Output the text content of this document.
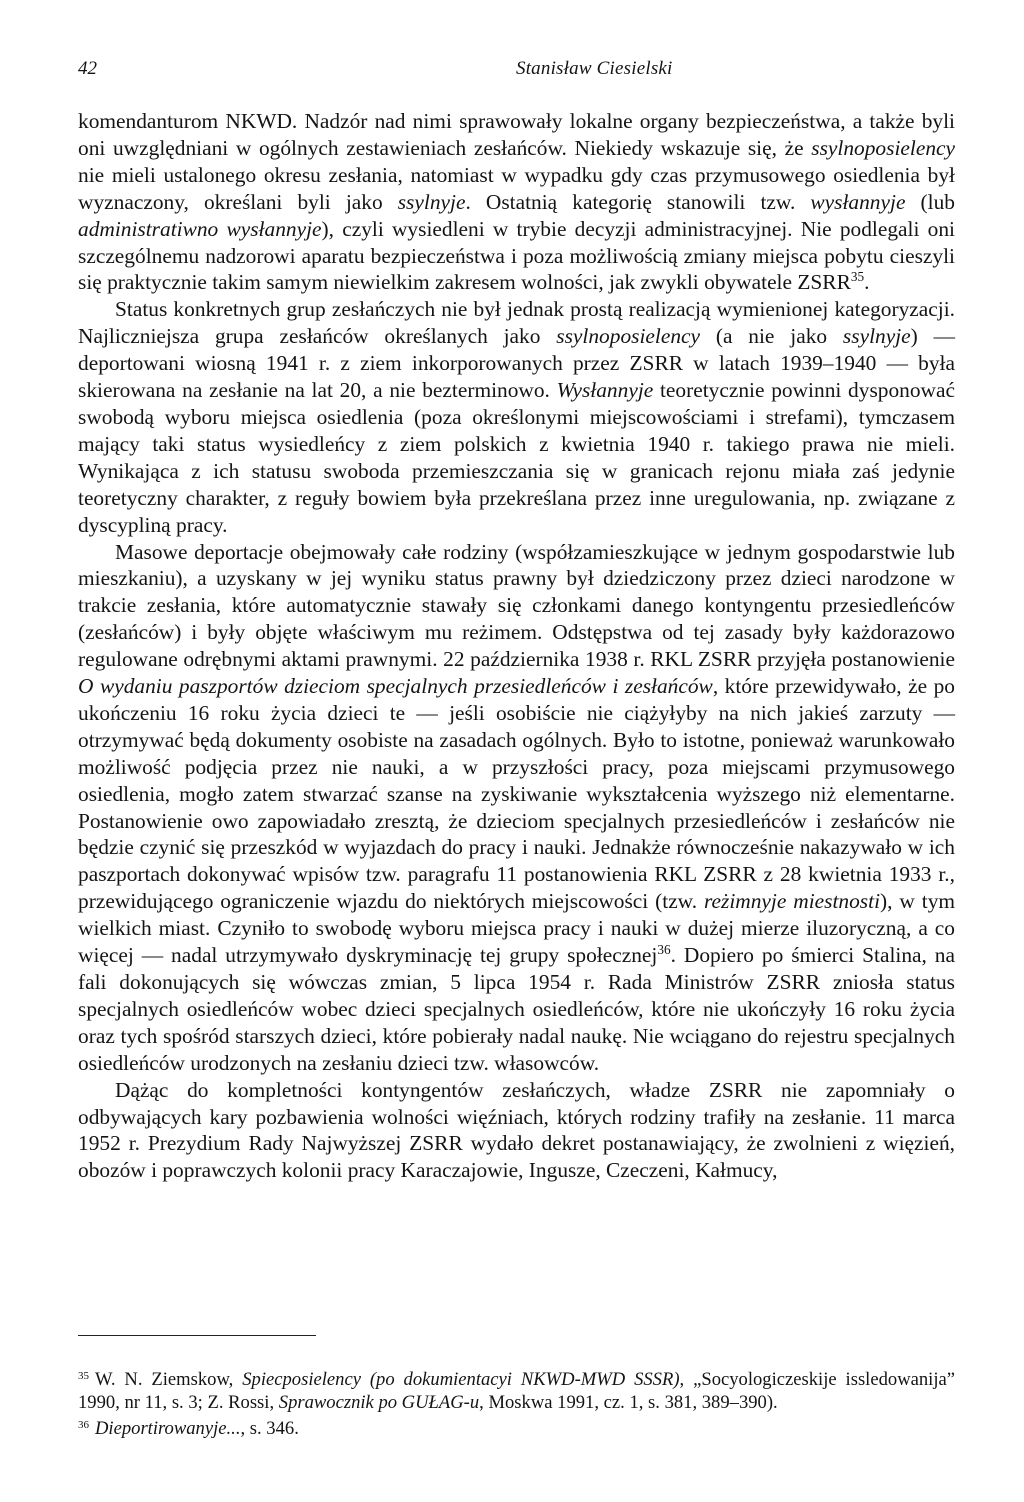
42	Stanisław Ciesielski

komendanturom NKWD. Nadzór nad nimi sprawowały lokalne organy bezpieczeństwa, a także byli oni uwzględniani w ogólnych zestawieniach zesłańców. Niekiedy wskazuje się, że ssylnoposielency nie mieli ustalonego okresu zesłania, natomiast w wypadku gdy czas przymusowego osiedlenia był wyznaczony, określani byli jako ssylnyje. Ostatnią kategorię stanowili tzw. wysłannyje (lub administratiwno wysłannyje), czyli wysiedleni w trybie decyzji administracyjnej. Nie podlegali oni szczególnemu nadzorowi aparatu bezpieczeństwa i poza możliwością zmiany miejsca pobytu cieszyli się praktycznie takim samym niewielkim zakresem wolności, jak zwykli obywatele ZSRR$^{35}$.

Status konkretnych grup zesłańczych nie był jednak prostą realizacją wymienionej kategoryzacji. Najliczniejsza grupa zesłańców określanych jako ssylnoposielency (a nie jako ssylnyje) — deportowani wiosną 1941 r. z ziem inkorporowanych przez ZSRR w latach 1939–1940 — była skierowana na zesłanie na lat 20, a nie bezterminowo. Wysłannyje teoretycznie powinni dysponować swobodą wyboru miejsca osiedlenia (poza określonymi miejscowościami i strefami), tymczasem mający taki status wysiedleńcy z ziem polskich z kwietnia 1940 r. takiego prawa nie mieli. Wynikająca z ich statusu swoboda przemieszczania się w granicach rejonu miała zaś jedynie teoretyczny charakter, z reguły bowiem była przekreślana przez inne uregulowania, np. związane z dyscypliną pracy.

Masowe deportacje obejmowały całe rodziny (współzamieszkujące w jednym gospodarstwie lub mieszkaniu), a uzyskany w jej wyniku status prawny był dziedziczony przez dzieci narodzone w trakcie zesłania, które automatycznie stawały się członkami danego kontyngentu przesiedleńców (zesłańców) i były objęte właściwym mu reżimem. Odstępstwa od tej zasady były każdorazowo regulowane odrębnymi aktami prawnymi. 22 października 1938 r. RKL ZSRR przyjęła postanowienie O wydaniu paszportów dzieciom specjalnych przesiedleńców i zesłańców, które przewidywało, że po ukończeniu 16 roku życia dzieci te — jeśli osobiście nie ciążyłyby na nich jakieś zarzuty — otrzymywać będą dokumenty osobiste na zasadach ogólnych. Było to istotne, ponieważ warunkowało możliwość podjęcia przez nie nauki, a w przyszłości pracy, poza miejscami przymusowego osiedlenia, mogło zatem stwarzać szanse na zyskiwanie wykształcenia wyższego niż elementarne. Postanowienie owo zapowiadało zresztą, że dzieciom specjalnych przesiedleńców i zesłańców nie będzie czynić się przeszkód w wyjazdach do pracy i nauki. Jednakże równocześnie nakazywało w ich paszportach dokonywać wpisów tzw. paragrafu 11 postanowienia RKL ZSRR z 28 kwietnia 1933 r., przewidującego ograniczenie wjazdu do niektórych miejscowości (tzw. reżimnyje miestnosti), w tym wielkich miast. Czyniło to swobodę wyboru miejsca pracy i nauki w dużej mierze iluzoryczną, a co więcej — nadal utrzymywało dyskryminację tej grupy społecznej$^{36}$. Dopiero po śmierci Stalina, na fali dokonujących się wówczas zmian, 5 lipca 1954 r. Rada Ministrów ZSRR zniosła status specjalnych osiedleńców wobec dzieci specjalnych osiedleńców, które nie ukończyły 16 roku życia oraz tych spośród starszych dzieci, które pobierały nadal naukę. Nie wciągano do rejestru specjalnych osiedleńców urodzonych na zesłaniu dzieci tzw. własowców.

Dążąc do kompletności kontyngentów zesłańczych, władze ZSRR nie zapomniały o odbywających kary pozbawienia wolności więźniach, których rodziny trafiły na zesłanie. 11 marca 1952 r. Prezydium Rady Najwyższej ZSRR wydało dekret postanawiający, że zwolnieni z więzień, obozów i poprawczych kolonii pracy Karaczajowie, Ingusze, Czeczeni, Kałmucy,

$^{35}$ W. N. Ziemskow, Spiecposielency (po dokumientacyi NKWD-MWD SSSR), „Socyologiczeskije issledowanija” 1990, nr 11, s. 3; Z. Rossi, Sprawocznik po GUŁAG-u, Moskwa 1991, cz. 1, s. 381, 389–390).

$^{36}$ Dieportirowanyje..., s. 346.
